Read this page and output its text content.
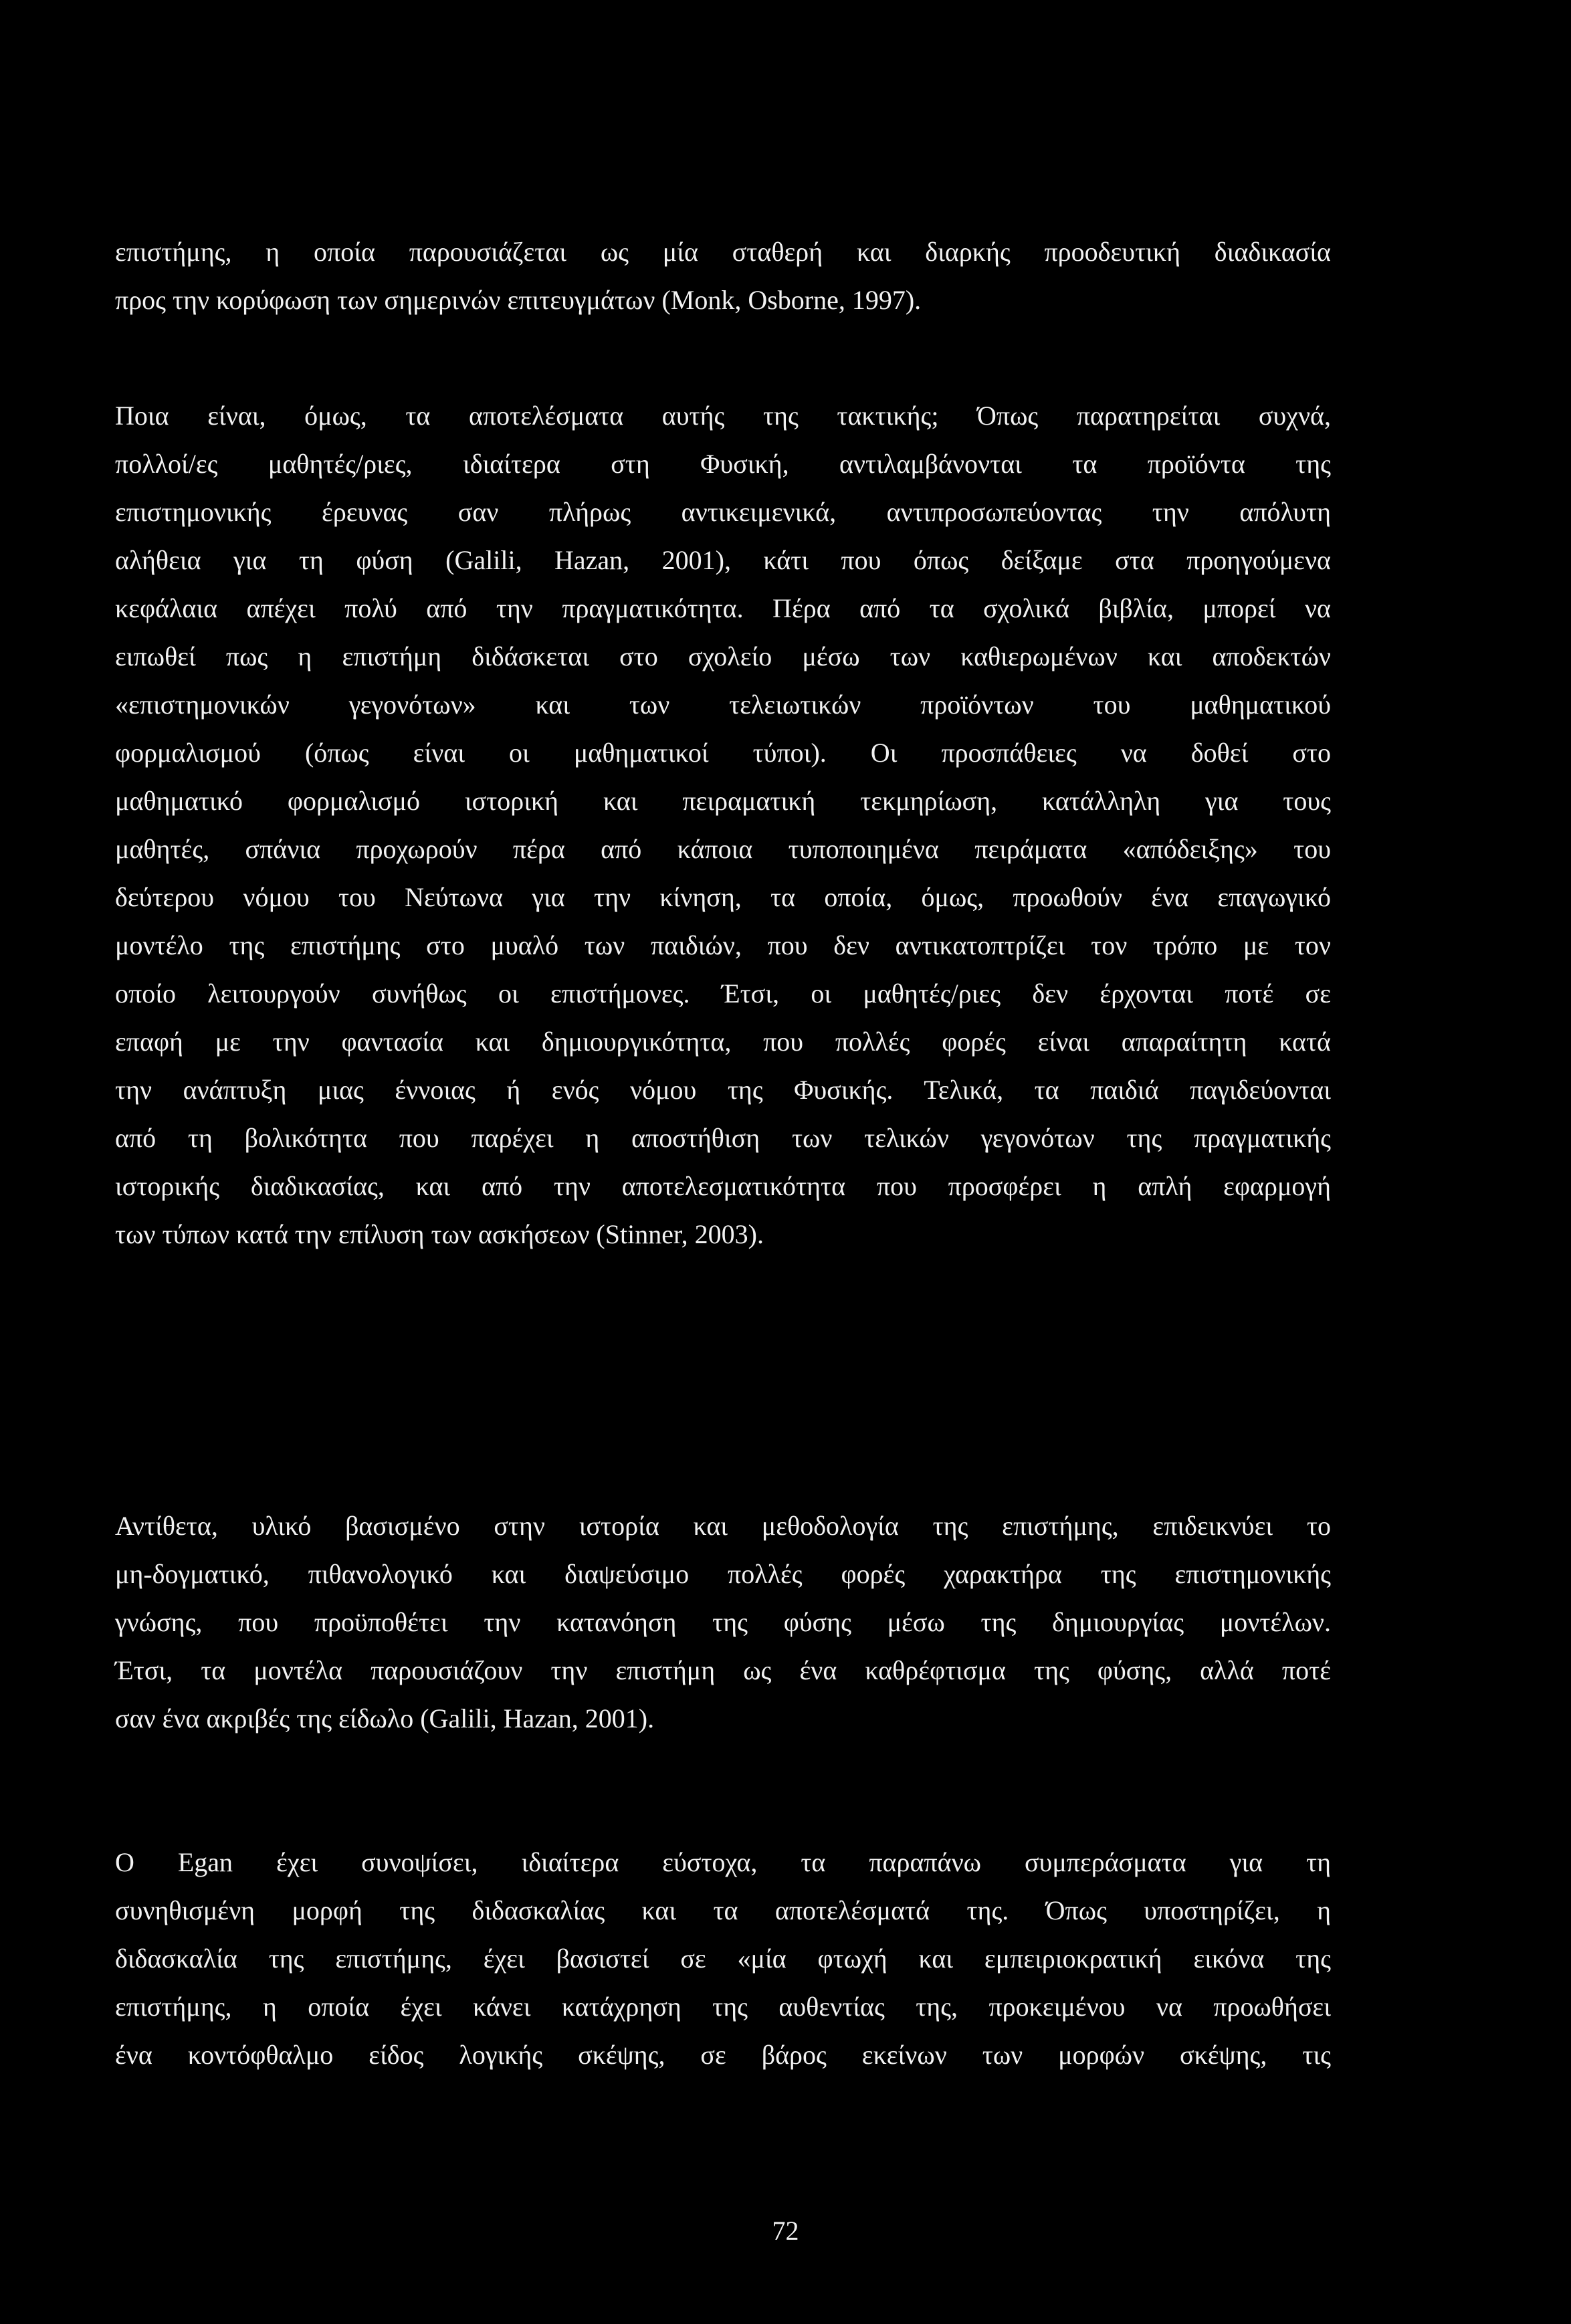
επιστήμης, η οποία παρουσιάζεται ως μία σταθερή και διαρκής προοδευτική διαδικασία
προς την κορύφωση των σημερινών επιτευγμάτων (Monk, Osborne, 1997).
Ποια είναι, όμως, τα αποτελέσματα αυτής της τακτικής; Όπως παρατηρείται συχνά,
πολλοί/ες μαθητές/ριες, ιδιαίτερα στη Φυσική, αντιλαμβάνονται τα προϊόντα της
επιστημονικής έρευνας σαν πλήρως αντικειμενικά, αντιπροσωπεύοντας την απόλυτη
αλήθεια για τη φύση (Galili, Hazan, 2001), κάτι που όπως δείξαμε στα προηγούμενα
κεφάλαια απέχει πολύ από την πραγματικότητα. Πέρα από τα σχολικά βιβλία, μπορεί να
ειπωθεί πως η επιστήμη διδάσκεται στο σχολείο μέσω των καθιερωμένων και αποδεκτών
«επιστημονικών γεγονότων» και των τελειωτικών προϊόντων του μαθηματικού
φορμαλισμού (όπως είναι οι μαθηματικοί τύποι). Οι προσπάθειες να δοθεί στο
μαθηματικό φορμαλισμό ιστορική και πειραματική τεκμηρίωση, κατάλληλη για τους
μαθητές, σπάνια προχωρούν πέρα από κάποια τυποποιημένα πειράματα «απόδειξης» του
δεύτερου νόμου του Νεύτωνα για την κίνηση, τα οποία, όμως, προωθούν ένα επαγωγικό
μοντέλο της επιστήμης στο μυαλό των παιδιών, που δεν αντικατοπτρίζει τον τρόπο με τον
οποίο λειτουργούν συνήθως οι επιστήμονες. Έτσι, οι μαθητές/ριες δεν έρχονται ποτέ σε
επαφή με την φαντασία και δημιουργικότητα, που πολλές φορές είναι απαραίτητη κατά
την ανάπτυξη μιας έννοιας ή ενός νόμου της Φυσικής. Τελικά, τα παιδιά παγιδεύονται
από τη βολικότητα που παρέχει η αποστήθιση των τελικών γεγονότων της πραγματικής
ιστορικής διαδικασίας, και από την αποτελεσματικότητα που προσφέρει η απλή εφαρμογή
των τύπων κατά την επίλυση των ασκήσεων (Stinner, 2003).
Αντίθετα, υλικό βασισμένο στην ιστορία και μεθοδολογία της επιστήμης, επιδεικνύει το
μη-δογματικό, πιθανολογικό και διαψεύσιμο πολλές φορές χαρακτήρα της επιστημονικής
γνώσης, που προϋποθέτει την κατανόηση της φύσης μέσω της δημιουργίας μοντέλων.
Έτσι, τα μοντέλα παρουσιάζουν την επιστήμη ως ένα καθρέφτισμα της φύσης, αλλά ποτέ
σαν ένα ακριβές της είδωλο (Galili, Hazan, 2001).
Ο Egan έχει συνοψίσει, ιδιαίτερα εύστοχα, τα παραπάνω συμπεράσματα για τη
συνηθισμένη μορφή της διδασκαλίας και τα αποτελέσματά της. Όπως υποστηρίζει, η
διδασκαλία της επιστήμης, έχει βασιστεί σε «μία φτωχή και εμπειριοκρατική εικόνα της
επιστήμης, η οποία έχει κάνει κατάχρηση της αυθεντίας της, προκειμένου να προωθήσει
ένα κοντόφθαλμο είδος λογικής σκέψης, σε βάρος εκείνων των μορφών σκέψης, τις
72
